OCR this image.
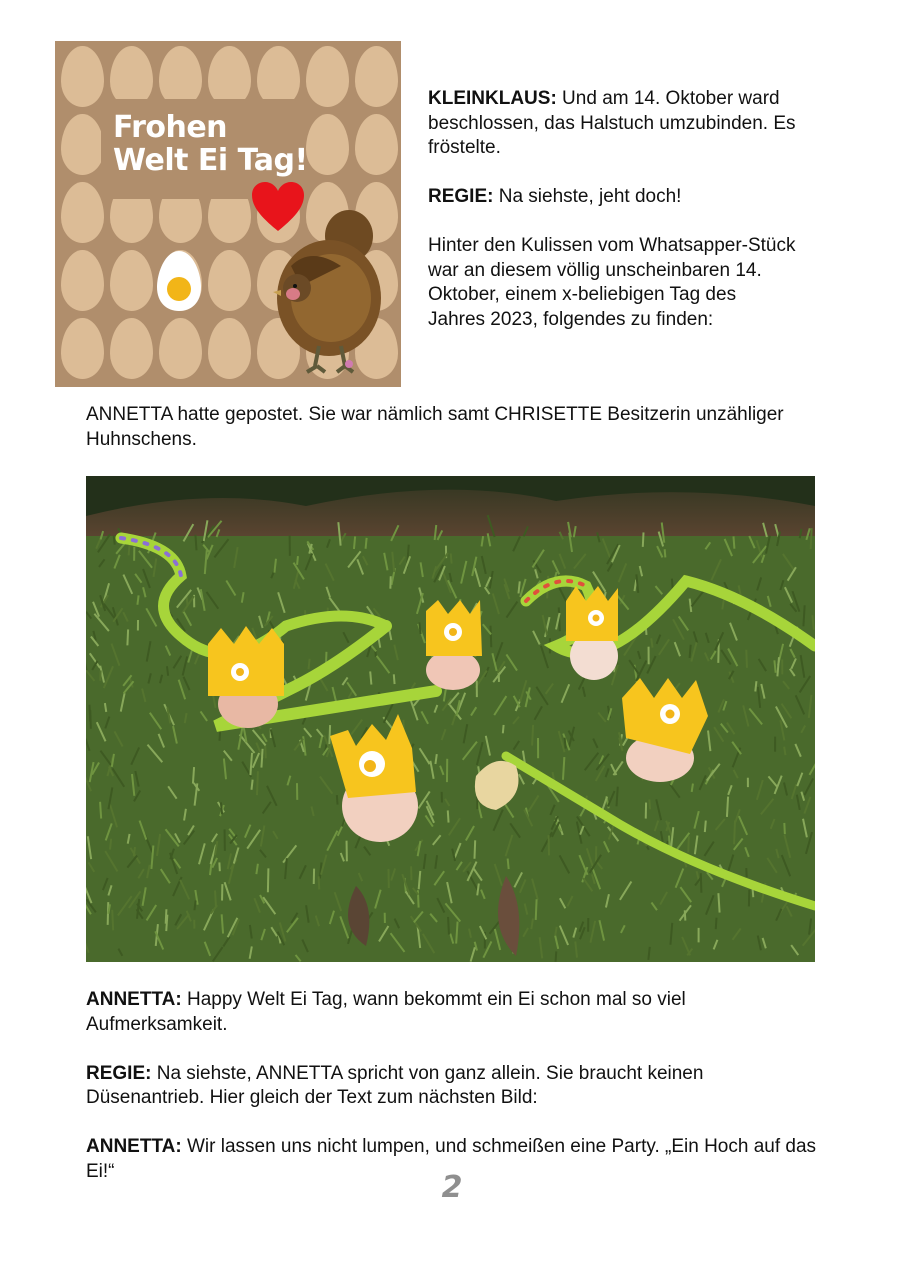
Frohen
Welt Ei Tag!

KLEINKLAUS: Und am 14. Oktober ward beschlossen, das Halstuch umzubinden. Es fröstelte.

REGIE: Na siehste, jeht doch!

Hinter den Kulissen vom Whatsapper-Stück war an diesem völlig unscheinbaren 14. Oktober, einem x-beliebigen Tag des Jahres 2023, folgendes zu finden:

ANNETTA hatte gepostet. Sie war nämlich samt CHRISETTE Besitzerin unzähliger Huhnschens.

ANNETTA: Happy Welt Ei Tag, wann bekommt ein Ei schon mal so viel Aufmerksamkeit.

REGIE: Na siehste, ANNETTA spricht von ganz allein. Sie braucht keinen Düsenantrieb. Hier gleich der Text zum nächsten Bild:

ANNETTA: Wir lassen uns nicht lumpen, und schmeißen eine Party. „Ein Hoch auf das Ei!“	2
